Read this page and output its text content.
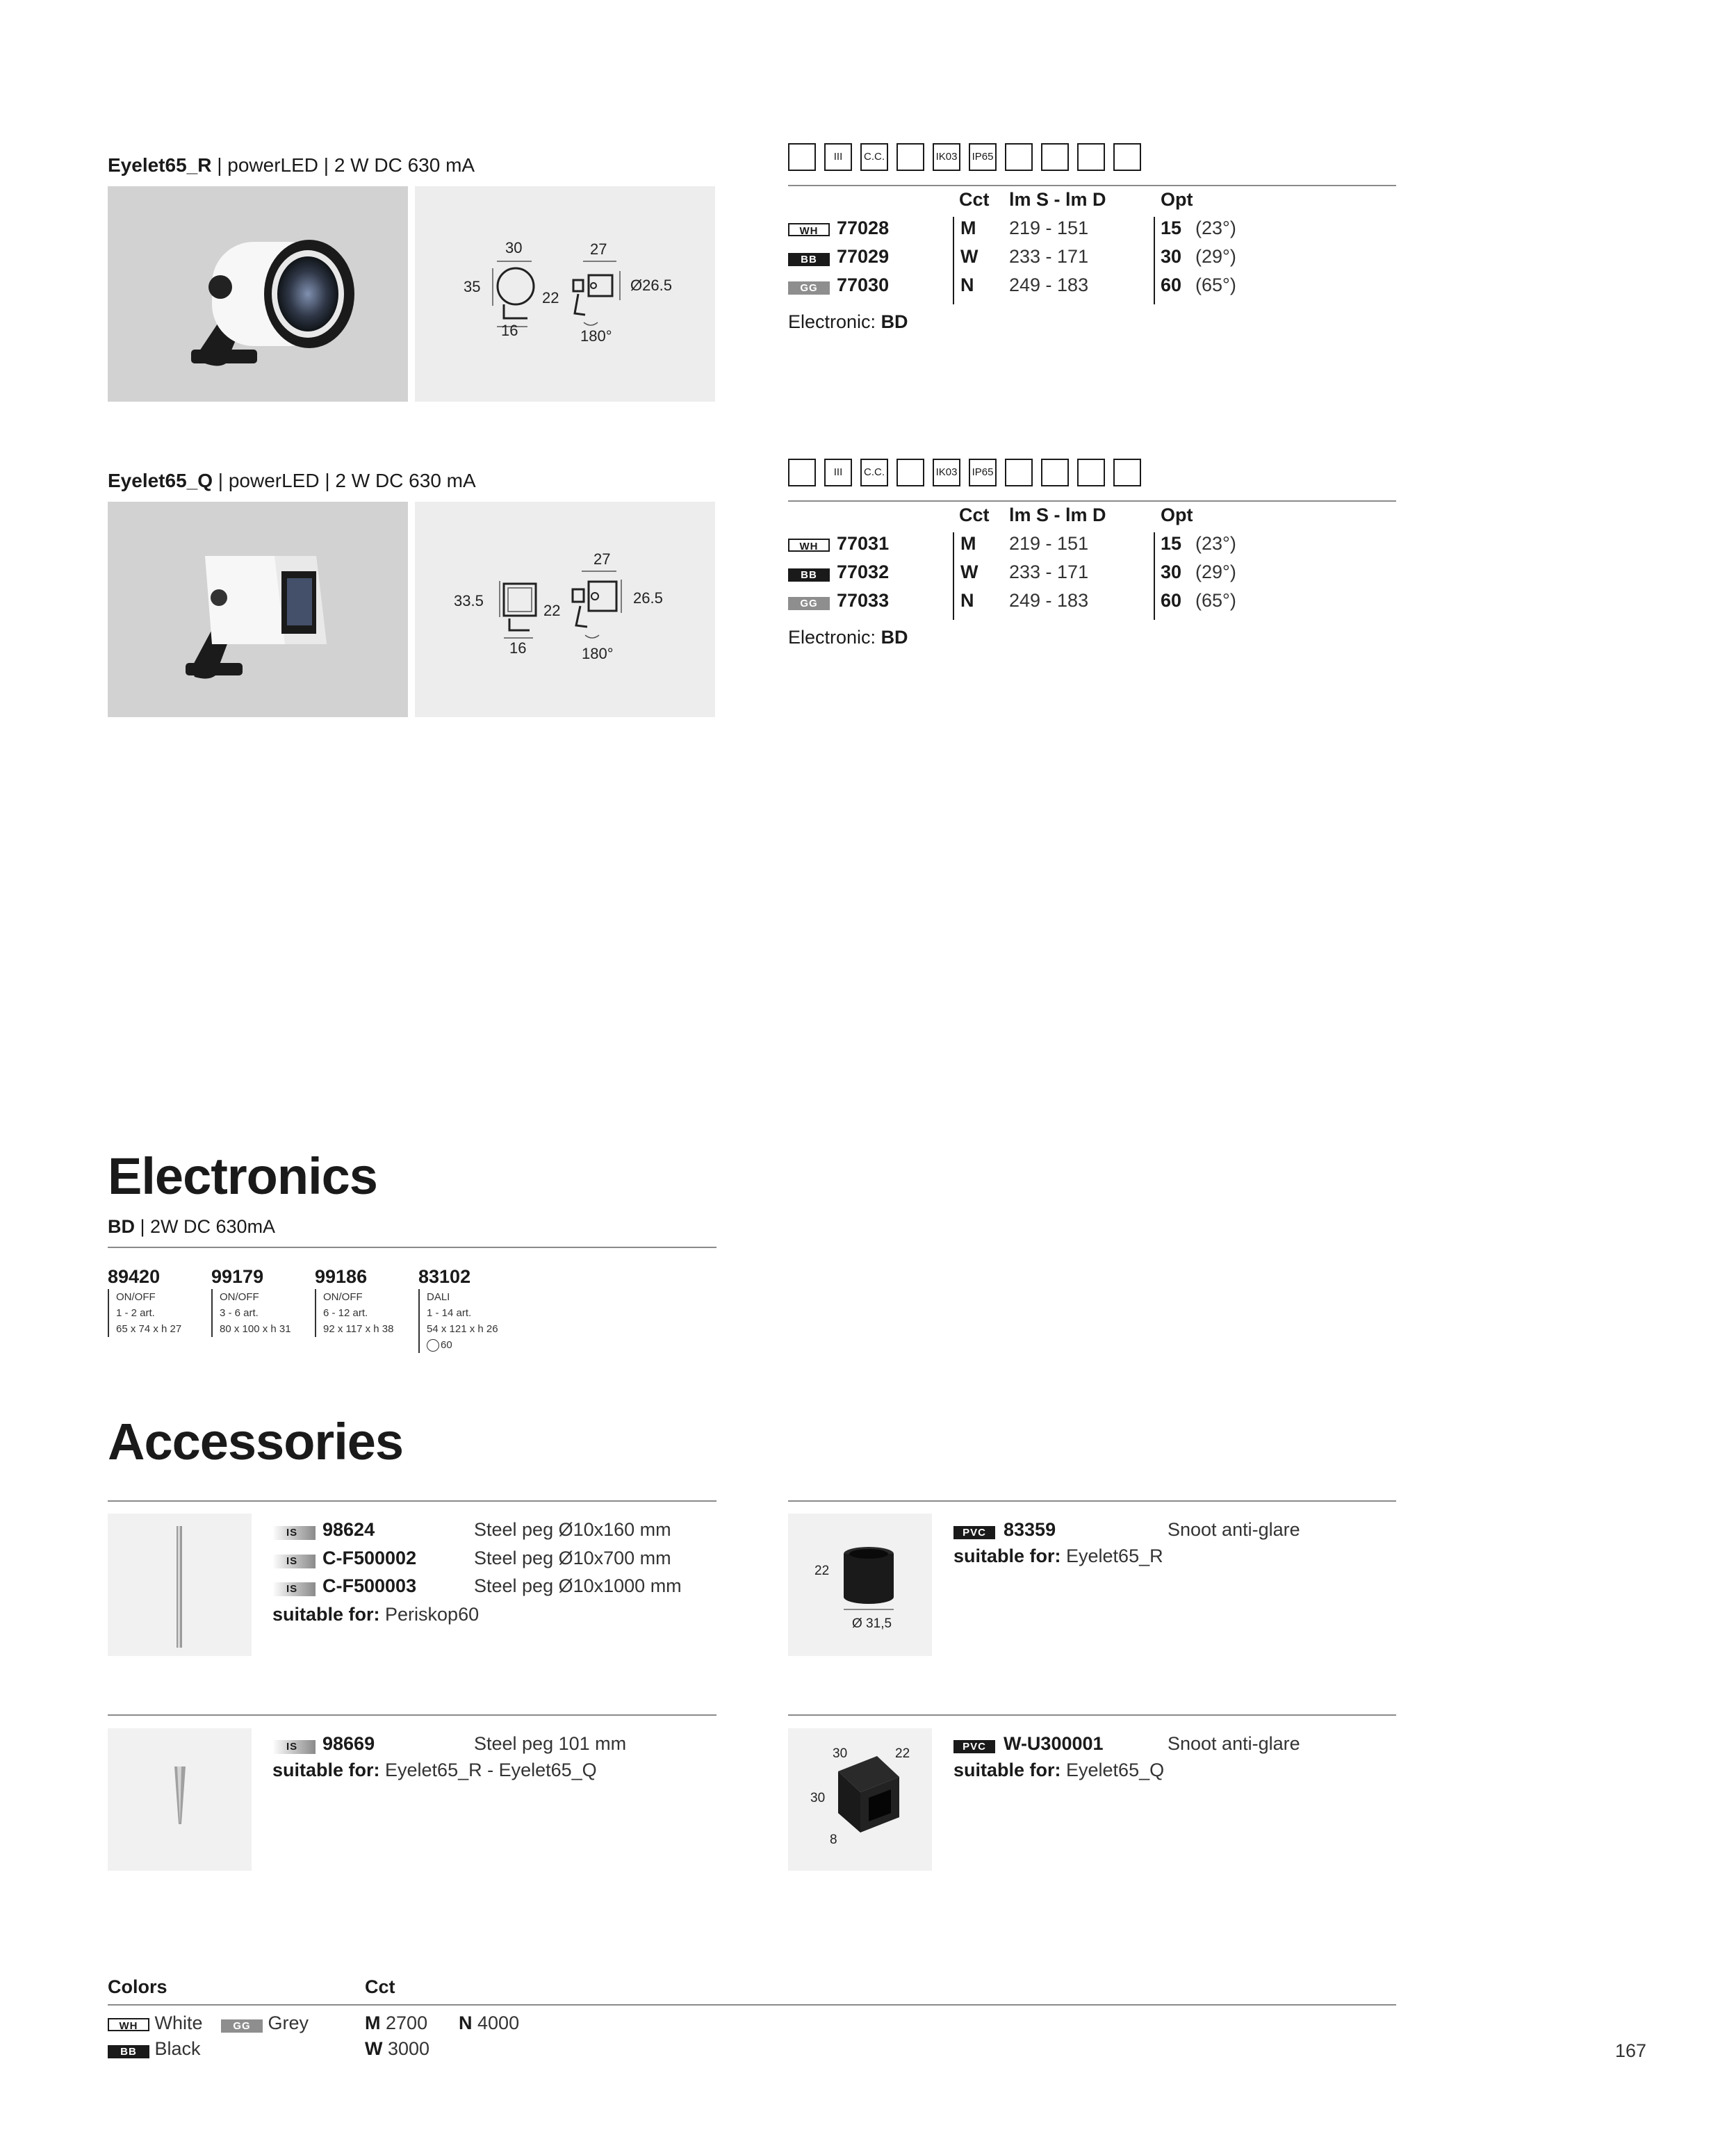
Eyelet65_R | powerLED | 2 W DC 630 mA
30	27
35
22
Ø26.5
16	180°
III C.C.	IK03 IP65
Cct lm S - lm D	Opt
WH 77028	M 219 - 151	15 (23°)
BB 77029	W 233 - 171	30 (29°)
GG 77030	N 249 - 183	60 (65°)
Electronic: BD
Eyelet65_Q | powerLED | 2 W DC 630 mA
27
33.5
22
26.5
16	180°
III C.C.	IK03 IP65
Cct lm S - lm D	Opt
WH 77031	M 219 - 151	15 (23°)
BB 77032	W 233 - 171	30 (29°)
GG 77033	N 249 - 183	60 (65°)
Electronic: BD
Electronics
BD | 2W DC 630mA
89420
ON/OFF
1 - 2 art.
65 x 74 x h 27
99179
ON/OFF
3 - 6 art.
80 x 100 x h 31
99186
ON/OFF
6 - 12 art.
92 x 117 x h 38
83102
DALI
1 - 14 art.
54 x 121 x h 26
60
Accessories
IS 98624	Steel peg Ø10x160 mm
IS C-F500002	Steel peg Ø10x700 mm
IS C-F500003	Steel peg Ø10x1000 mm
suitable for: Periskop60
22
Ø 31,5
PVC 83359	Snoot anti-glare
suitable for: Eyelet65_R
IS 98669	Steel peg 101 mm
suitable for: Eyelet65_R - Eyelet65_Q
30	22
30
8
PVC W-U300001	Snoot anti-glare
suitable for: Eyelet65_Q
Colors	Cct
WH White	GG Grey
BB Black
M 2700 N 4000
W 3000	167
